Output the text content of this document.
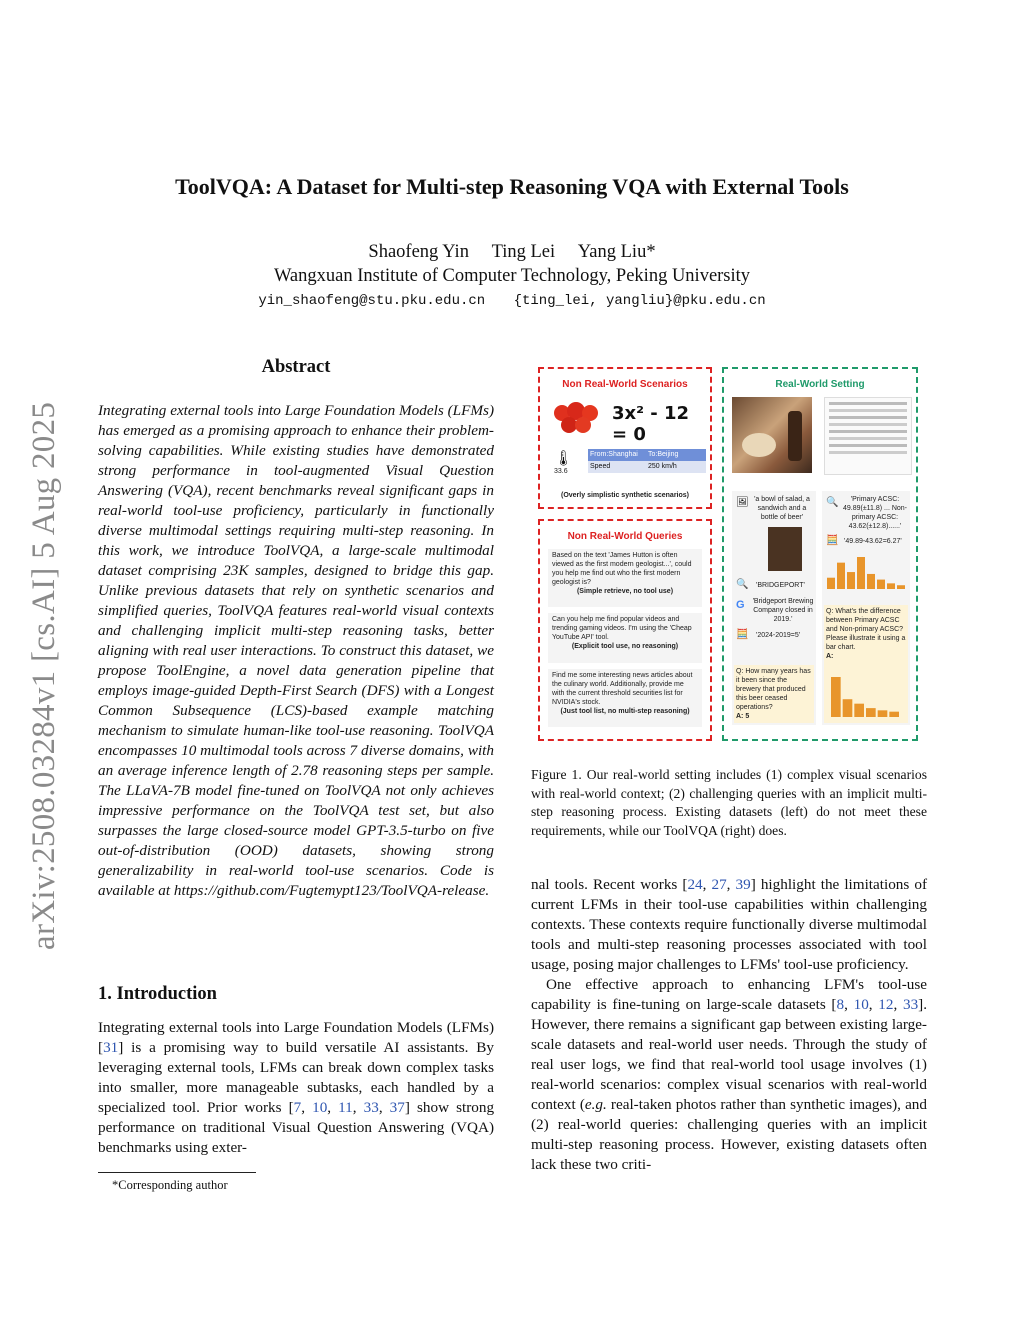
ToolVQA: A Dataset for Multi-step Reasoning VQA with External Tools
Shaofeng Yin Ting Lei Yang Liu*
Wangxuan Institute of Computer Technology, Peking University
yin_shaofeng@stu.pku.edu.cn {ting_lei, yangliu}@pku.edu.cn
arXiv:2508.03284v1 [cs.AI] 5 Aug 2025
Abstract
Integrating external tools into Large Foundation Models (LFMs) has emerged as a promising approach to enhance their problem-solving capabilities. While existing studies have demonstrated strong performance in tool-augmented Visual Question Answering (VQA), recent benchmarks reveal significant gaps in real-world tool-use proficiency, particularly in functionally diverse multimodal settings requiring multi-step reasoning. In this work, we introduce ToolVQA, a large-scale multimodal dataset comprising 23K samples, designed to bridge this gap. Unlike previous datasets that rely on synthetic scenarios and simplified queries, ToolVQA features real-world visual contexts and challenging implicit multi-step reasoning tasks, better aligning with real user interactions. To construct this dataset, we propose ToolEngine, a novel data generation pipeline that employs image-guided Depth-First Search (DFS) with a Longest Common Subsequence (LCS)-based example matching mechanism to simulate human-like tool-use reasoning. ToolVQA encompasses 10 multimodal tools across 7 diverse domains, with an average inference length of 2.78 reasoning steps per sample. The LLaVA-7B model fine-tuned on ToolVQA not only achieves impressive performance on the ToolVQA test set, but also surpasses the large closed-source model GPT-3.5-turbo on five out-of-distribution (OOD) datasets, showing strong generalizability in real-world tool-use scenarios. Code is available at https://github.com/Fugtemypt123/ToolVQA-release.
1. Introduction
Integrating external tools into Large Foundation Models (LFMs) [31] is a promising way to build versatile AI assistants. By leveraging external tools, LFMs can break down complex tasks into smaller, more manageable subtasks, each handled by a specialized tool. Prior works [7, 10, 11, 33, 37] show strong performance on traditional Visual Question Answering (VQA) benchmarks using exter-
*Corresponding author
Non Real-World Scenarios
3x² - 12 = 0
🌡
33.6
From:Shanghai	To:Beijing
Speed	250 km/h
(Overly simplistic synthetic scenarios)
Non Real-World Queries
Based on the text 'James Hutton is often viewed as the first modern geologist...', could you help me find out who the first modern geologist is?
(Simple retrieve, no tool use)
Can you help me find popular videos and trending gaming videos. I'm using the 'Cheap YouTube API' tool.
(Explicit tool use, no reasoning)
Find me some interesting news articles about the culinary world. Additionally, provide me with the current threshold securities list for NVIDIA's stock.
(Just tool list, no multi-step reasoning)
Real-World Setting
🖼 'a bowl of salad, a sandwich and a bottle of beer'
🔍 'BRIDGEPORT'
G 'Bridgeport Brewing Company closed in 2019.'
🧮 '2024-2019=5'
Q: How many years has it been since the brewery that produced this beer ceased operations?
A: 5
🔍	'Primary ACSC: 49.89(±11.8) ... Non-primary ACSC: 43.62(±12.8)......'
🧮 '49.89-43.62=6.27'
Q: What's the difference between Primary ACSC and Non-primary ACSC? Please illustrate it using a bar chart.
A:
Figure 1. Our real-world setting includes (1) complex visual scenarios with real-world context; (2) challenging queries with an implicit multi-step reasoning process. Existing datasets (left) do not meet these requirements, while our ToolVQA (right) does.
nal tools. Recent works [24, 27, 39] highlight the limitations of current LFMs in their tool-use capabilities within challenging contexts. These contexts require functionally diverse multimodal tools and multi-step reasoning processes associated with tool usage, posing major challenges to LFMs' tool-use proficiency.
One effective approach to enhancing LFM's tool-use capability is fine-tuning on large-scale datasets [8, 10, 12, 33]. However, there remains a significant gap between existing large-scale datasets and real-world user needs. Through the study of real user logs, we find that real-world tool usage involves (1) real-world scenarios: complex visual scenarios with real-world context (e.g. real-taken photos rather than synthetic images), and (2) real-world queries: challenging queries with an implicit multi-step reasoning process. However, existing datasets often lack these two criti-
